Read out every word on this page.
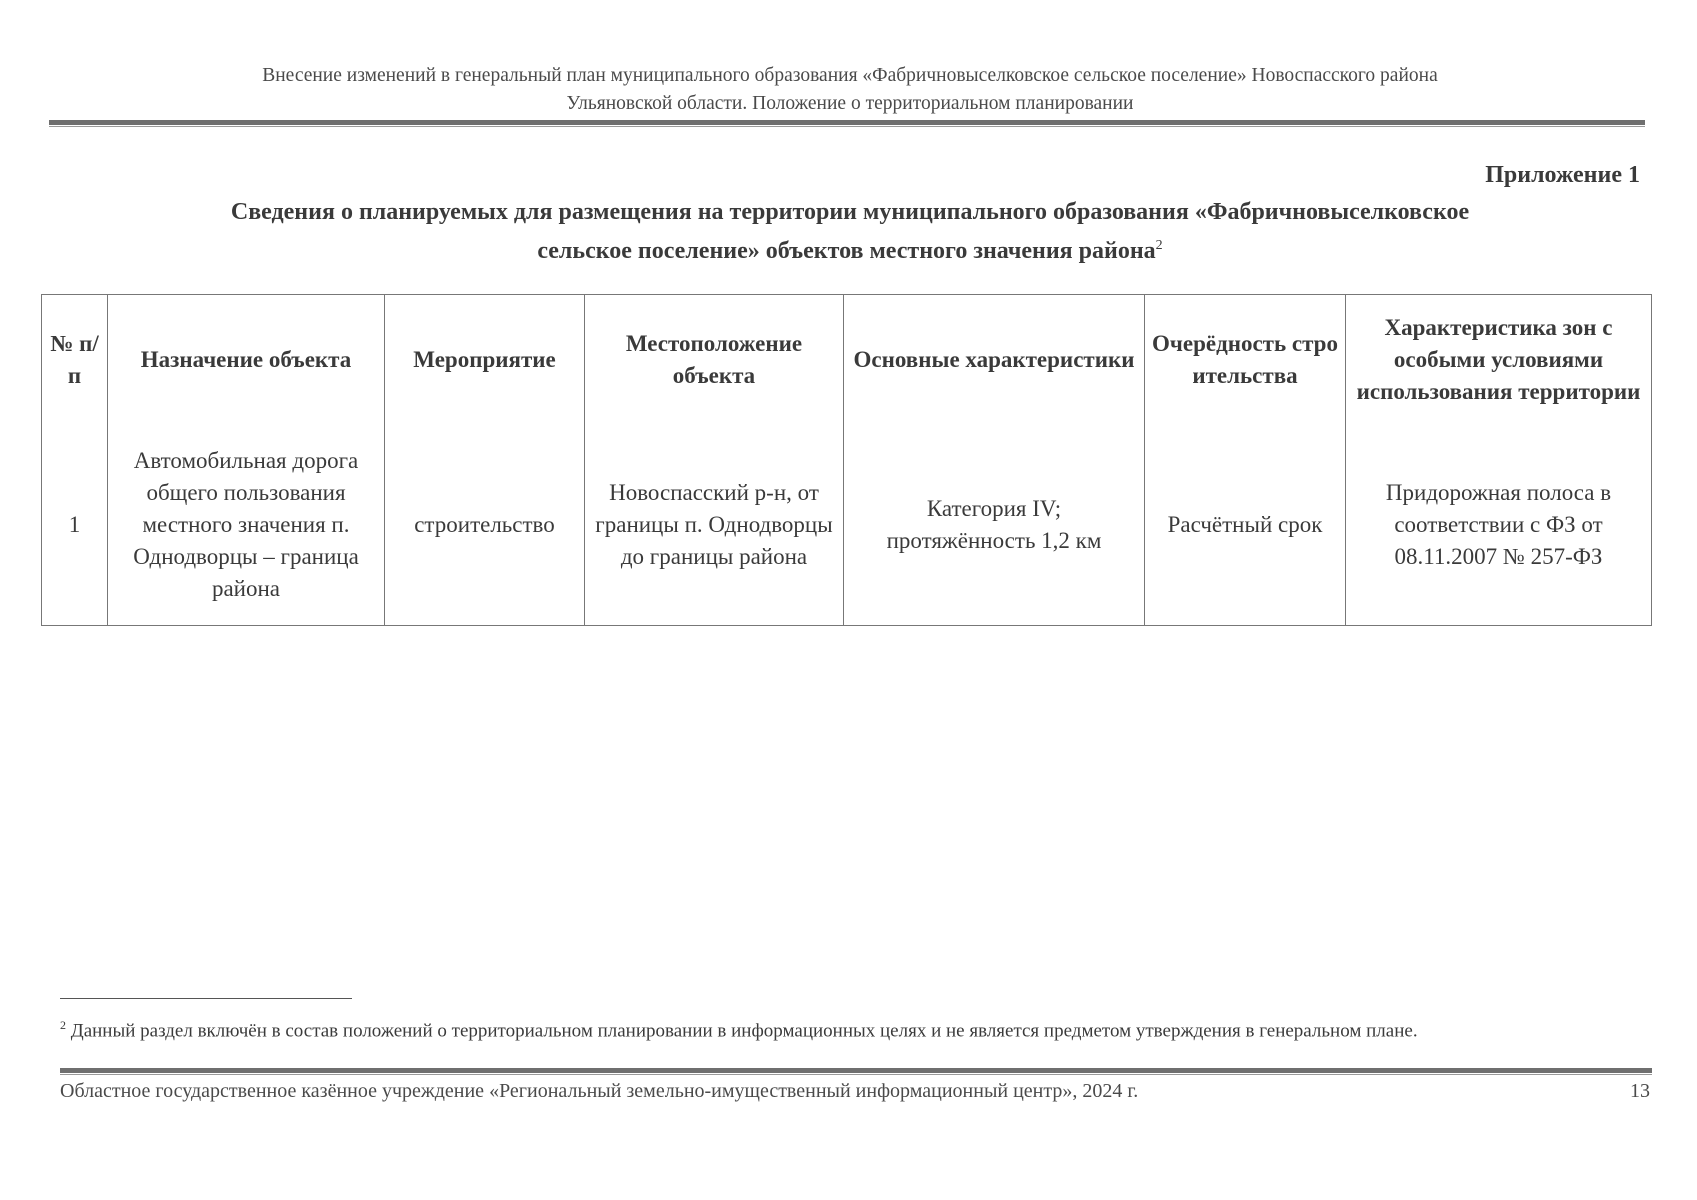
Внесение изменений в генеральный план муниципального образования «Фабричновыселковское сельское поселение» Новоспасского района
Ульяновской области. Положение о территориальном планировании
Приложение 1
Сведения о планируемых для размещения на территории муниципального образования «Фабричновыселковское
сельское поселение» объектов местного значения района$^2$
№ п/п	Назначение объекта	Мероприятие	Местоположение объекта	Основные характеристики	Очерёдность строительства	Характеристика зон с особыми условиями использования территории
1	Автомобильная дорога общего пользования местного значения п. Однодворцы – граница района	строительство	Новоспасский р-н, от границы п. Однодворцы до границы района	Категория IV; протяжённость 1,2 км	Расчётный срок	Придорожная полоса в соответствии с ФЗ от 08.11.2007 № 257-ФЗ
$^2$ Данный раздел включён в состав положений о территориальном планировании в информационных целях и не является предметом утверждения в генеральном плане.
Областное государственное казённое учреждение «Региональный земельно-имущественный информационный центр», 2024 г.	13
